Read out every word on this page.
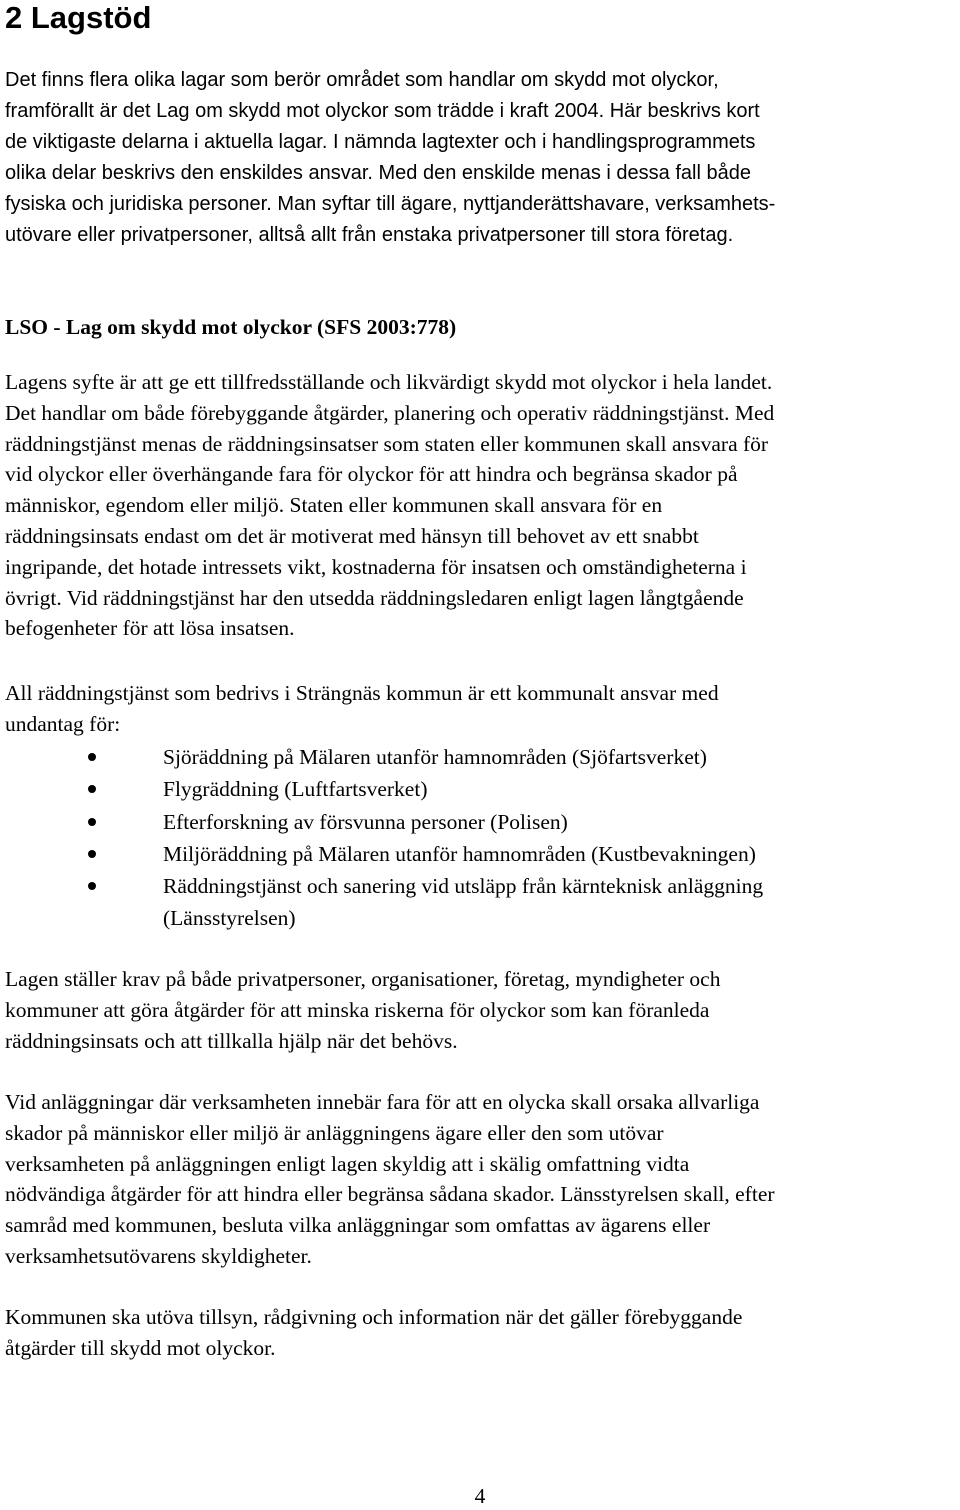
2 Lagstöd
Det finns flera olika lagar som berör området som handlar om skydd mot olyckor,
framförallt är det Lag om skydd mot olyckor som trädde i kraft 2004. Här beskrivs kort
de viktigaste delarna i aktuella lagar. I nämnda lagtexter och i handlingsprogrammets
olika delar beskrivs den enskildes ansvar. Med den enskilde menas i dessa fall både
fysiska och juridiska personer. Man syftar till ägare, nyttjanderättshavare, verksamhets-
utövare eller privatpersoner, alltså allt från enstaka privatpersoner till stora företag.
LSO - Lag om skydd mot olyckor (SFS 2003:778)
Lagens syfte är att ge ett tillfredsställande och likvärdigt skydd mot olyckor i hela landet.
Det handlar om både förebyggande åtgärder, planering och operativ räddningstjänst. Med
räddningstjänst menas de räddningsinsatser som staten eller kommunen skall ansvara för
vid olyckor eller överhängande fara för olyckor för att hindra och begränsa skador på
människor, egendom eller miljö. Staten eller kommunen skall ansvara för en
räddningsinsats endast om det är motiverat med hänsyn till behovet av ett snabbt
ingripande, det hotade intressets vikt, kostnaderna för insatsen och omständigheterna i
övrigt. Vid räddningstjänst har den utsedda räddningsledaren enligt lagen långtgående
befogenheter för att lösa insatsen.
All räddningstjänst som bedrivs i Strängnäs kommun är ett kommunalt ansvar med
undantag för:
Sjöräddning på Mälaren utanför hamnområden (Sjöfartsverket)
Flygräddning (Luftfartsverket)
Efterforskning av försvunna personer (Polisen)
Miljöräddning på Mälaren utanför hamnområden (Kustbevakningen)
Räddningstjänst och sanering vid utsläpp från kärnteknisk anläggning
(Länsstyrelsen)
Lagen ställer krav på både privatpersoner, organisationer, företag, myndigheter och
kommuner att göra åtgärder för att minska riskerna för olyckor som kan föranleda
räddningsinsats och att tillkalla hjälp när det behövs.
Vid anläggningar där verksamheten innebär fara för att en olycka skall orsaka allvarliga
skador på människor eller miljö är anläggningens ägare eller den som utövar
verksamheten på anläggningen enligt lagen skyldig att i skälig omfattning vidta
nödvändiga åtgärder för att hindra eller begränsa sådana skador. Länsstyrelsen skall, efter
samråd med kommunen, besluta vilka anläggningar som omfattas av ägarens eller
verksamhetsutövarens skyldigheter.
Kommunen ska utöva tillsyn, rådgivning och information när det gäller förebyggande
åtgärder till skydd mot olyckor.

4
